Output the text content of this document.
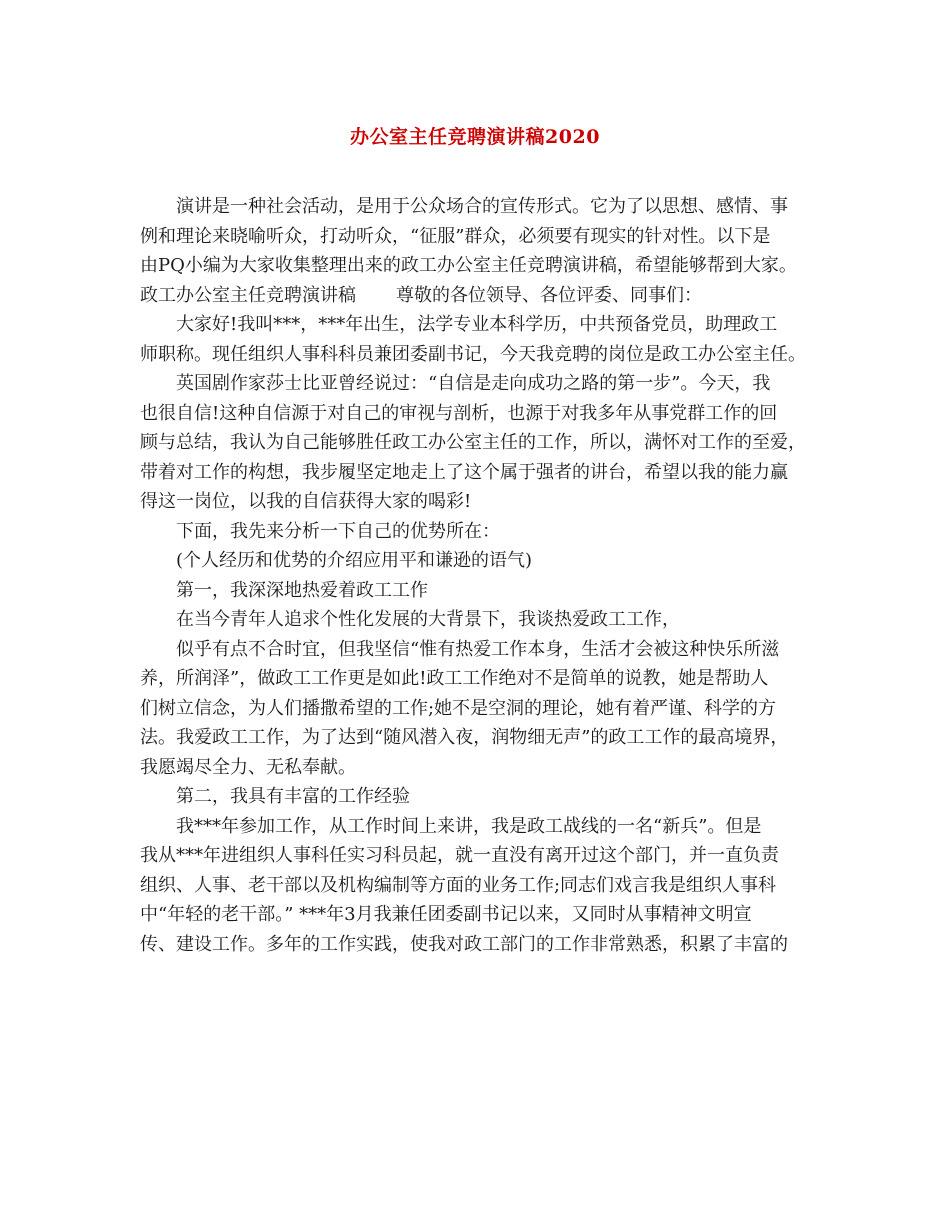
办公室主任竞聘演讲稿2020
演讲是一种社会活动，是用于公众场合的宣传形式。它为了以思想、感情、事
例和理论来晓喻听众，打动听众，“征服”群众，必须要有现实的针对性。以下是
由PQ小编为大家收集整理出来的政工办公室主任竞聘演讲稿，希望能够帮到大家。
政工办公室主任竞聘演讲稿 尊敬的各位领导、各位评委、同事们：
大家好!我叫***，***年出生，法学专业本科学历，中共预备党员，助理政工
师职称。现任组织人事科科员兼团委副书记，今天我竞聘的岗位是政工办公室主任。
英国剧作家莎士比亚曾经说过：“自信是走向成功之路的第一步”。今天，我
也很自信!这种自信源于对自己的审视与剖析，也源于对我多年从事党群工作的回
顾与总结，我认为自己能够胜任政工办公室主任的工作，所以，满怀对工作的至爱，
带着对工作的构想，我步履坚定地走上了这个属于强者的讲台，希望以我的能力赢
得这一岗位，以我的自信获得大家的喝彩!
下面，我先来分析一下自己的优势所在：
(个人经历和优势的介绍应用平和谦逊的语气)
第一，我深深地热爱着政工工作
在当今青年人追求个性化发展的大背景下，我谈热爱政工工作，
似乎有点不合时宜，但我坚信“惟有热爱工作本身，生活才会被这种快乐所滋
养，所润泽”，做政工工作更是如此!政工工作绝对不是简单的说教，她是帮助人
们树立信念，为人们播撒希望的工作;她不是空洞的理论，她有着严谨、科学的方
法。我爱政工工作，为了达到“随风潜入夜，润物细无声”的政工工作的最高境界，
我愿竭尽全力、无私奉献。
第二，我具有丰富的工作经验
我***年参加工作，从工作时间上来讲，我是政工战线的一名“新兵”。但是
我从***年进组织人事科任实习科员起，就一直没有离开过这个部门，并一直负责
组织、人事、老干部以及机构编制等方面的业务工作;同志们戏言我是组织人事科
中“年轻的老干部。” ***年3月我兼任团委副书记以来，又同时从事精神文明宣
传、建设工作。多年的工作实践，使我对政工部门的工作非常熟悉，积累了丰富的
